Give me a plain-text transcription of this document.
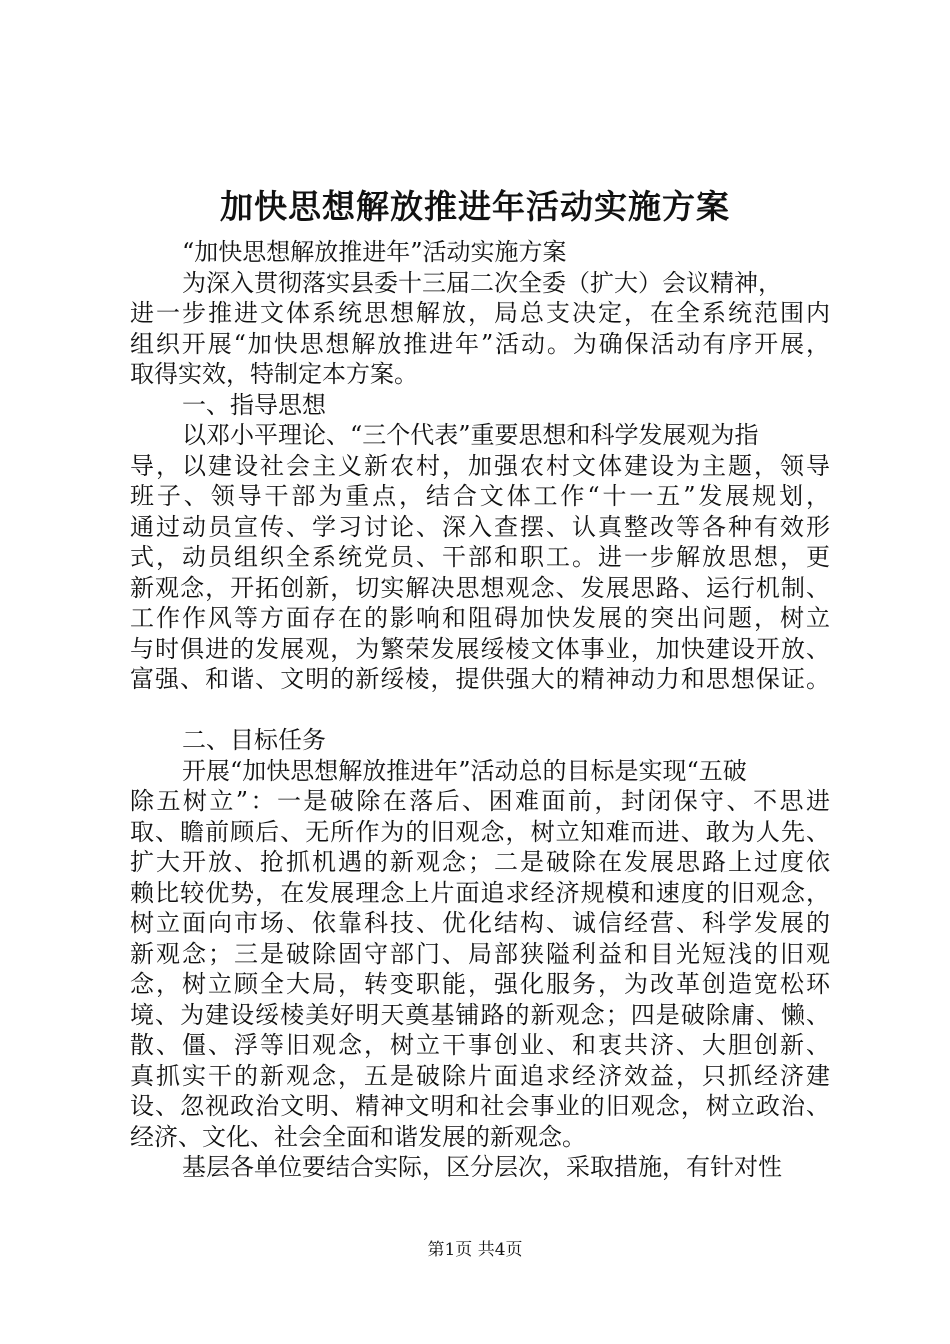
加快思想解放推进年活动实施方案
“加快思想解放推进年”活动实施方案
为深入贯彻落实县委十三届二次全委（扩大）会议精神，
进一步推进文体系统思想解放，局总支决定，在全系统范围内
组织开展“加快思想解放推进年”活动。为确保活动有序开展，
取得实效，特制定本方案。
一、指导思想
以邓小平理论、“三个代表”重要思想和科学发展观为指
导，以建设社会主义新农村，加强农村文体建设为主题，领导
班子、领导干部为重点，结合文体工作“十一五”发展规划，
通过动员宣传、学习讨论、深入查摆、认真整改等各种有效形
式，动员组织全系统党员、干部和职工。进一步解放思想，更
新观念，开拓创新，切实解决思想观念、发展思路、运行机制、
工作作风等方面存在的影响和阻碍加快发展的突出问题，树立
与时俱进的发展观，为繁荣发展绥棱文体事业，加快建设开放、
富强、和谐、文明的新绥棱，提供强大的精神动力和思想保证。
二、目标任务
开展“加快思想解放推进年”活动总的目标是实现“五破
除五树立”：一是破除在落后、困难面前，封闭保守、不思进
取、瞻前顾后、无所作为的旧观念，树立知难而进、敢为人先、
扩大开放、抢抓机遇的新观念；二是破除在发展思路上过度依
赖比较优势，在发展理念上片面追求经济规模和速度的旧观念，
树立面向市场、依靠科技、优化结构、诚信经营、科学发展的
新观念；三是破除固守部门、局部狭隘利益和目光短浅的旧观
念，树立顾全大局，转变职能，强化服务，为改革创造宽松环
境、为建设绥棱美好明天奠基铺路的新观念；四是破除庸、懒、
散、僵、浮等旧观念，树立干事创业、和衷共济、大胆创新、
真抓实干的新观念，五是破除片面追求经济效益，只抓经济建
设、忽视政治文明、精神文明和社会事业的旧观念，树立政治、
经济、文化、社会全面和谐发展的新观念。
基层各单位要结合实际，区分层次，采取措施，有针对性
第1页 共4页
